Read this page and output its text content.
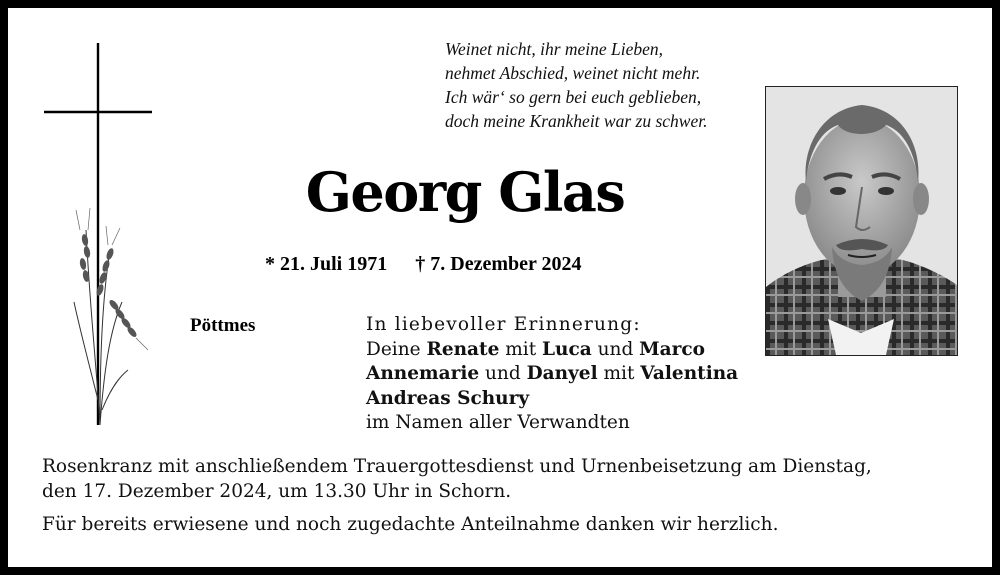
Weinet nicht, ihr meine Lieben,
nehmet Abschied, weinet nicht mehr.
Ich wär‘ so gern bei euch geblieben,
doch meine Krankheit war zu schwer.
Georg Glas
* 21. Juli 1971 † 7. Dezember 2024
Pöttmes	In liebevoller Erinnerung:
Deine Renate mit Luca und Marco
Annemarie und Danyel mit Valentina
Andreas Schury
im Namen aller Verwandten
Rosenkranz mit anschließendem Trauergottesdienst und Urnenbeisetzung am Dienstag,
den 17. Dezember 2024, um 13.30 Uhr in Schorn.
Für bereits erwiesene und noch zugedachte Anteilnahme danken wir herzlich.
